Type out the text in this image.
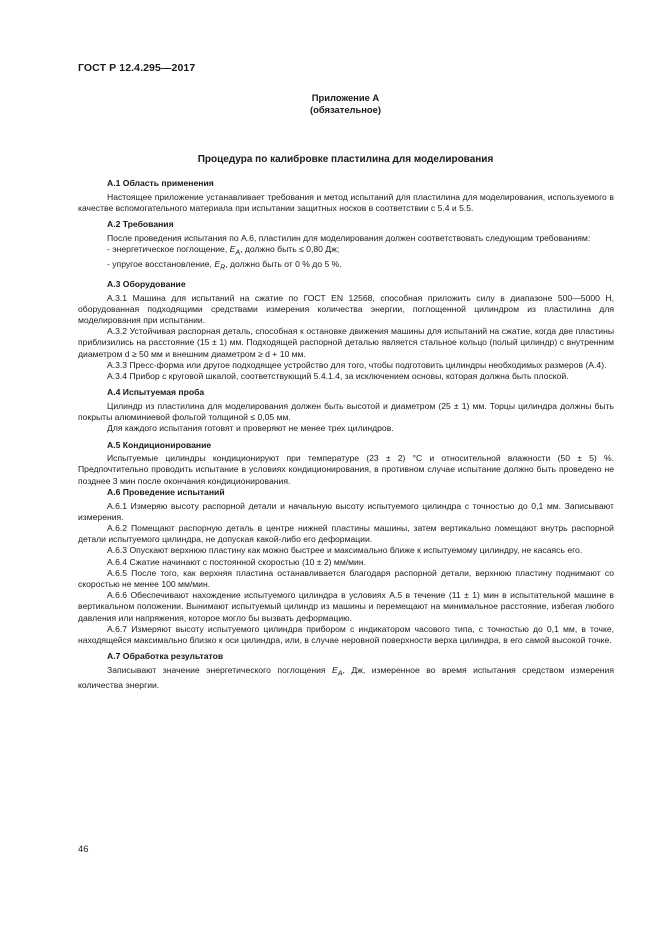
ГОСТ Р 12.4.295—2017
Приложение А
(обязательное)
Процедура по калибровке пластилина для моделирования
А.1 Область применения

Настоящее приложение устанавливает требования и метод испытаний для пластилина для моделирования, используемого в качестве вспомогательного материала при испытании защитных носков в соответствии с 5.4 и 5.5.

А.2 Требования

После проведения испытания по А.6, пластилин для моделирования должен соответствовать следующим требованиям:

- энергетическое поглощение, $E_A$, должно быть ≤ 0,80 Дж;

- упругое восстановление, $E_R$, должно быть от 0 % до 5 %.

А.3 Оборудование

А.3.1 Машина для испытаний на сжатие по ГОСТ EN 12568, способная приложить силу в диапазоне 500—5000 Н, оборудованная подходящими средствами измерения количества энергии, поглощенной цилиндром из пластилина для моделирования при испытании.

А.3.2 Устойчивая распорная деталь, способная к остановке движения машины для испытаний на сжатие, когда две пластины приблизились на расстояние (15 ± 1) мм. Подходящей распорной деталью является стальное кольцо (полый цилиндр) с внутренним диаметром d ≥ 50 мм и внешним диаметром ≥ d + 10 мм.

А.3.3 Пресс-форма или другое подходящее устройство для того, чтобы подготовить цилиндры необходимых размеров (А.4).

А.3.4 Прибор с круговой шкалой, соответствующий 5.4.1.4, за исключением основы, которая должна быть плоской.

А.4 Испытуемая проба

Цилиндр из пластилина для моделирования должен быть высотой и диаметром (25 ± 1) мм. Торцы цилиндра должны быть покрыты алюминиевой фольгой толщиной ≤ 0,05 мм.

Для каждого испытания готовят и проверяют не менее трех цилиндров.

А.5 Кондиционирование

Испытуемые цилиндры кондиционируют при температуре (23 ± 2) °С и относительной влажности (50 ± 5) %. Предпочтительно проводить испытание в условиях кондиционирования, в противном случае испытание должно быть проведено не позднее 3 мин после окончания кондиционирования.

А.6 Проведение испытаний

А.6.1 Измеряю высоту распорной детали и начальную высоту испытуемого цилиндра с точностью до 0,1 мм. Записывают измерения.

А.6.2 Помещают распорную деталь в центре нижней пластины машины, затем вертикально помещают внутрь распорной детали испытуемого цилиндра, не допуская какой-либо его деформации.

А.6.3 Опускают верхнюю пластину как можно быстрее и максимально ближе к испытуемому цилиндру, не касаясь его.

А.6.4 Сжатие начинают с постоянной скоростью (10 ± 2) мм/мин.

А.6.5 После того, как верхняя пластина останавливается благодаря распорной детали, верхнюю пластину поднимают со скоростью не менее 100 мм/мин.

А.6.6 Обеспечивают нахождение испытуемого цилиндра в условиях А.5 в течение (11 ± 1) мин в испытательной машине в вертикальном положении. Вынимают испытуемый цилиндр из машины и перемещают на минимальное расстояние, избегая любого давления или напряжения, которое могло бы вызвать деформацию.

А.6.7 Измеряют высоту испытуемого цилиндра прибором с индикатором часового типа, с точностью до 0,1 мм, в точке, находящейся максимально близко к оси цилиндра, или, в случае неровной поверхности верха цилиндра, в его самой высокой точке.

А.7 Обработка результатов

Записывают значение энергетического поглощения $E_A$, Дж, измеренное во время испытания средством измерения количества энергии.

46
